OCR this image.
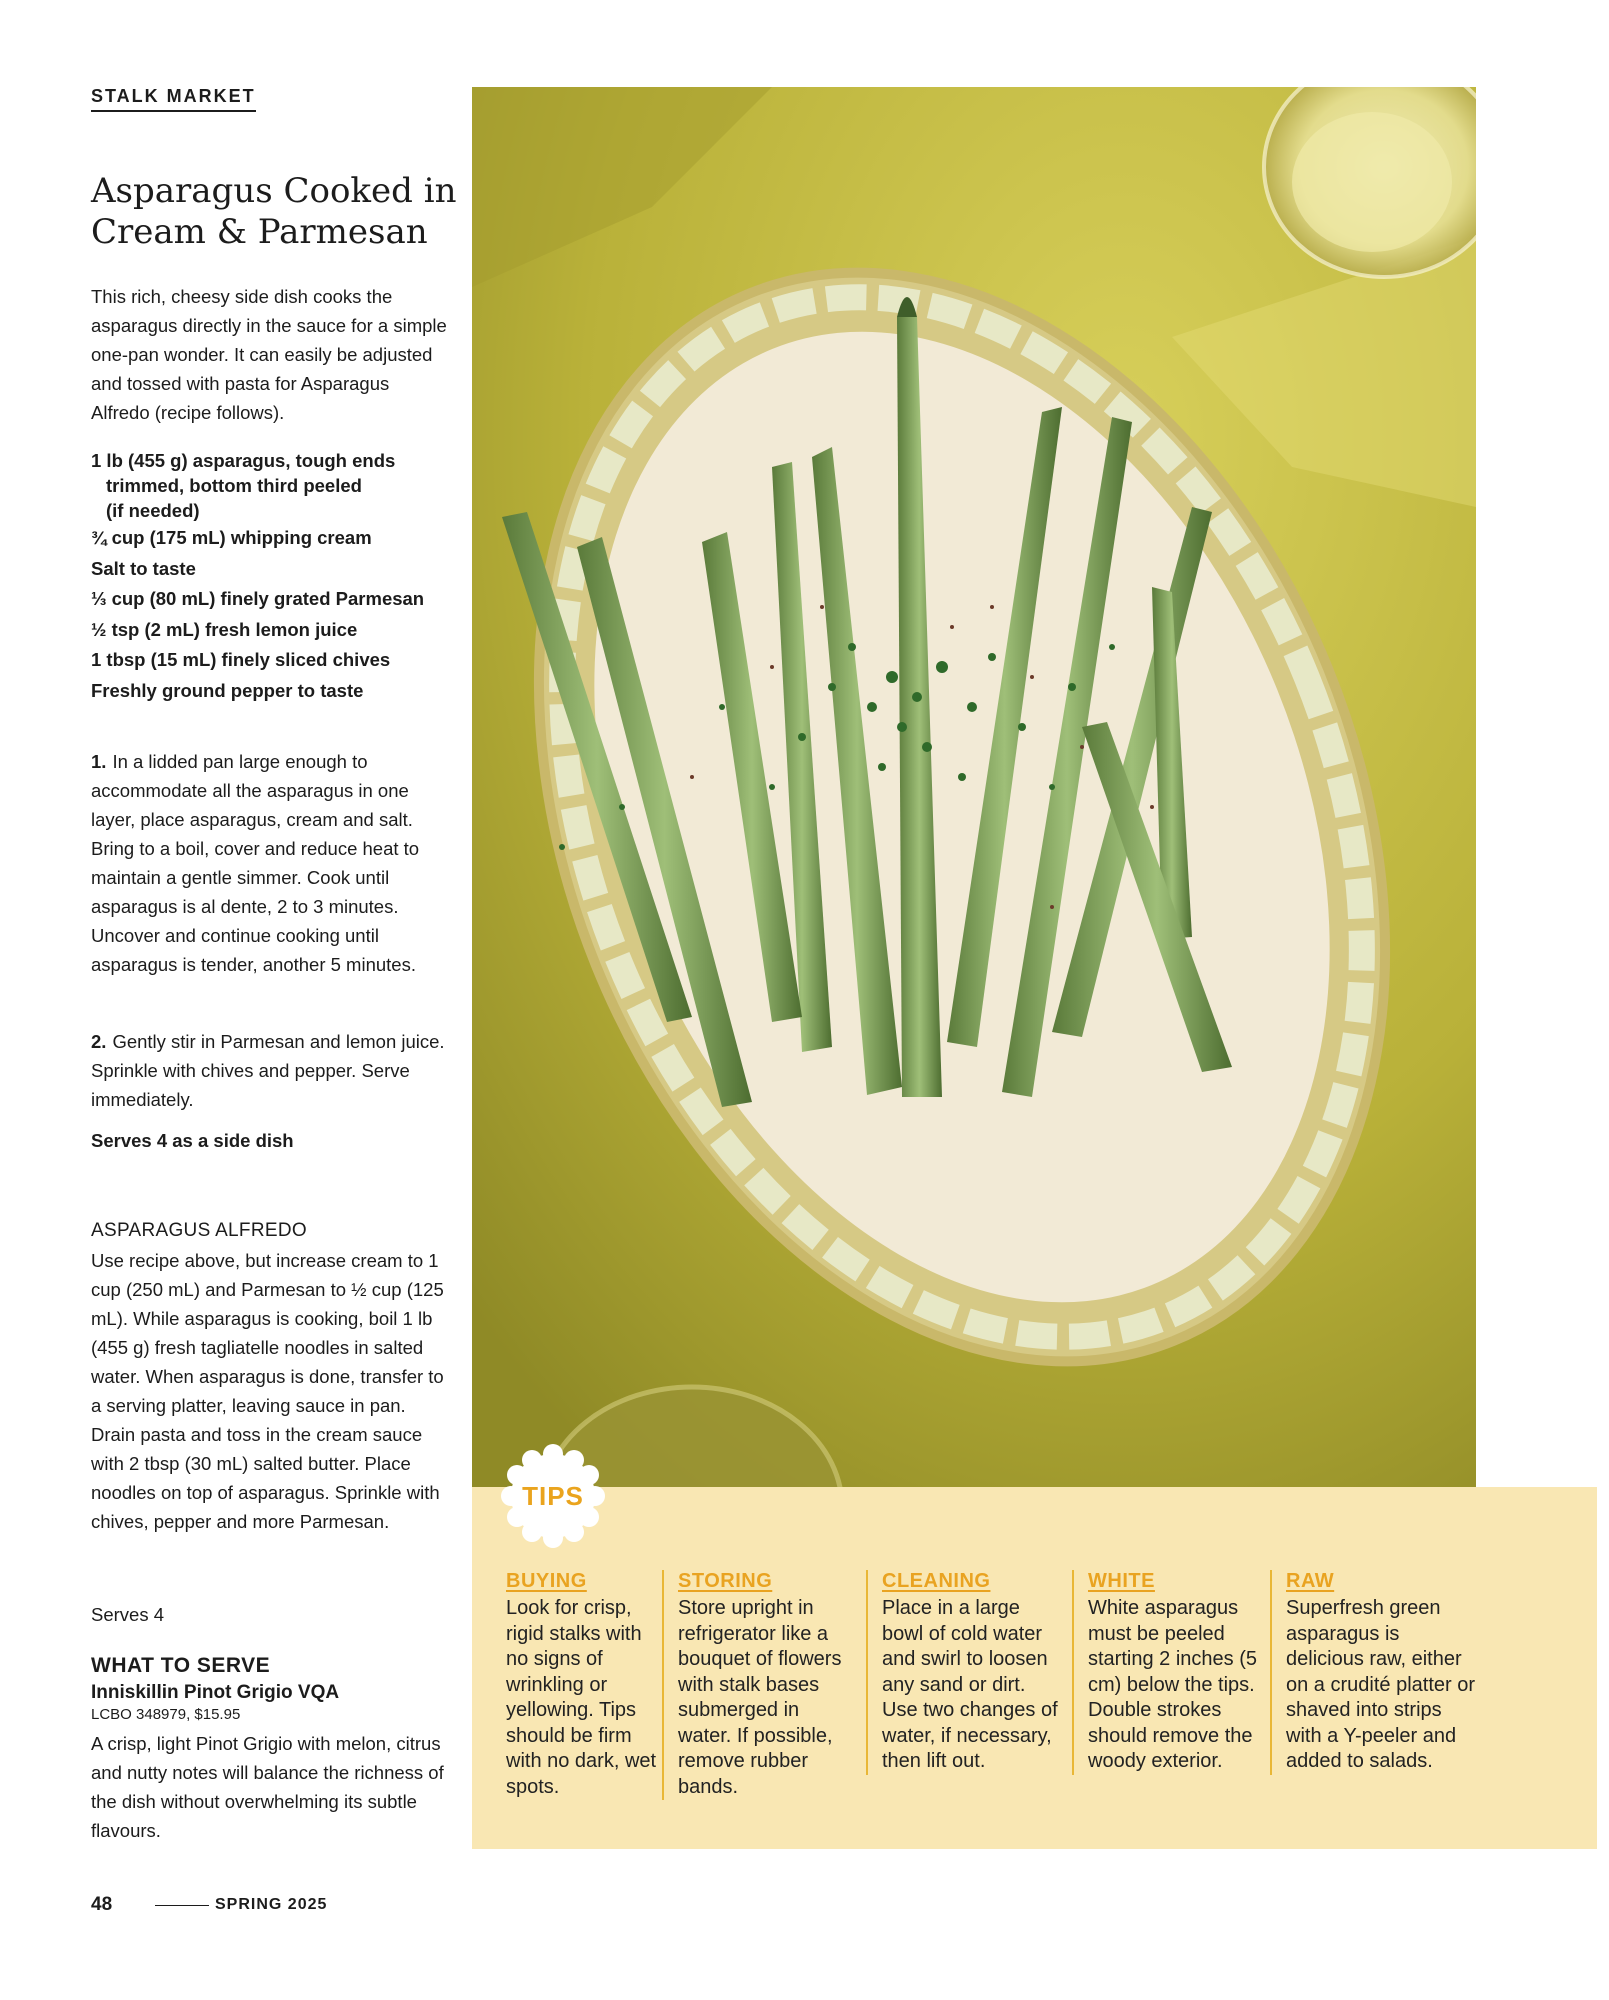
STALK MARKET

Asparagus Cooked in
Cream & Parmesan

This rich, cheesy side dish cooks the asparagus directly in the sauce for a simple one-pan wonder. It can easily be adjusted and tossed with pasta for Asparagus Alfredo (recipe follows).

1 lb (455 g) asparagus, tough ends
trimmed, bottom third peeled
(if needed)
¾ cup (175 mL) whipping cream
Salt to taste
⅓ cup (80 mL) finely grated Parmesan
½ tsp (2 mL) fresh lemon juice
1 tbsp (15 mL) finely sliced chives
Freshly ground pepper to taste

1. In a lidded pan large enough to accommodate all the asparagus in one layer, place asparagus, cream and salt. Bring to a boil, cover and reduce heat to maintain a gentle simmer. Cook until asparagus is al dente, 2 to 3 minutes. Uncover and continue cooking until asparagus is tender, another 5 minutes.

2. Gently stir in Parmesan and lemon juice. Sprinkle with chives and pepper. Serve immediately.

Serves 4 as a side dish

ASPARAGUS ALFREDO

Use recipe above, but increase cream to 1 cup (250 mL) and Parmesan to ½ cup (125 mL). While asparagus is cooking, boil 1 lb (455 g) fresh tagliatelle noodles in salted water. When asparagus is done, transfer to a serving platter, leaving sauce in pan. Drain pasta and toss in the cream sauce with 2 tbsp (30 mL) salted butter. Place noodles on top of asparagus. Sprinkle with chives, pepper and more Parmesan.

Serves 4

WHAT TO SERVE

Inniskillin Pinot Grigio VQA

LCBO 348979, $15.95

A crisp, light Pinot Grigio with melon, citrus and nutty notes will balance the richness of the dish without overwhelming its subtle flavours.

48	SPRING 2025
TIPS

BUYING

Look for crisp, rigid stalks with no signs of wrinkling or yellowing. Tips should be firm with no dark, wet spots.

STORING

Store upright in refrigerator like a bouquet of flowers with stalk bases submerged in water. If possible, remove rubber bands.

CLEANING

Place in a large bowl of cold water and swirl to loosen any sand or dirt. Use two changes of water, if necessary, then lift out.

WHITE

White asparagus must be peeled starting 2 inches (5 cm) below the tips. Double strokes should remove the woody exterior.

RAW

Superfresh green asparagus is delicious raw, either on a crudité platter or shaved into strips with a Y-peeler and added to salads.
